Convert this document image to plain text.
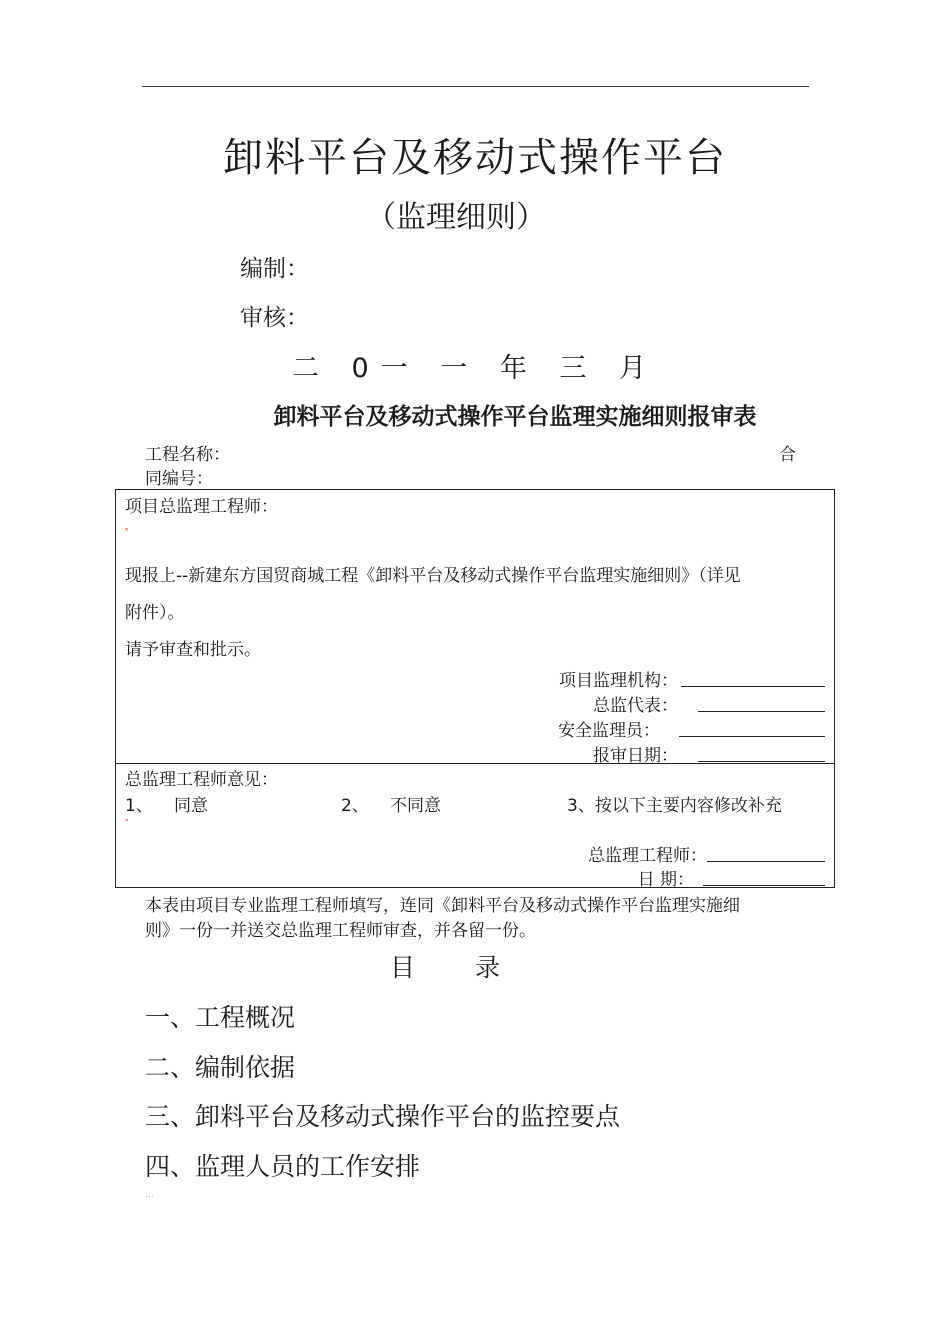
卸料平台及移动式操作平台
（监理细则）
编制：
审核：
二 0一 一 年 三 月
卸料平台及移动式操作平台监理实施细则报审表
工程名称：	合
同编号：
项目总监理工程师：
˂
现报上--新建东方国贸商城工程《卸料平台及移动式操作平台监理实施细则》（详见
附件）。
请予审查和批示。
项目监理机构：
总监代表：
安全监理员：
报审日期：
总监理工程师意见：
1、 同意	2、 不同意	3、按以下主要内容修改补充
˜
总监理工程师：
日 期：
本表由项目专业监理工程师填写，连同《卸料平台及移动式操作平台监理实施细
则》一份一并送交总监理工程师审查，并各留一份。
目 录
一、工程概况
二、编制依据
三、卸料平台及移动式操作平台的监控要点
四、监理人员的工作安排
...
